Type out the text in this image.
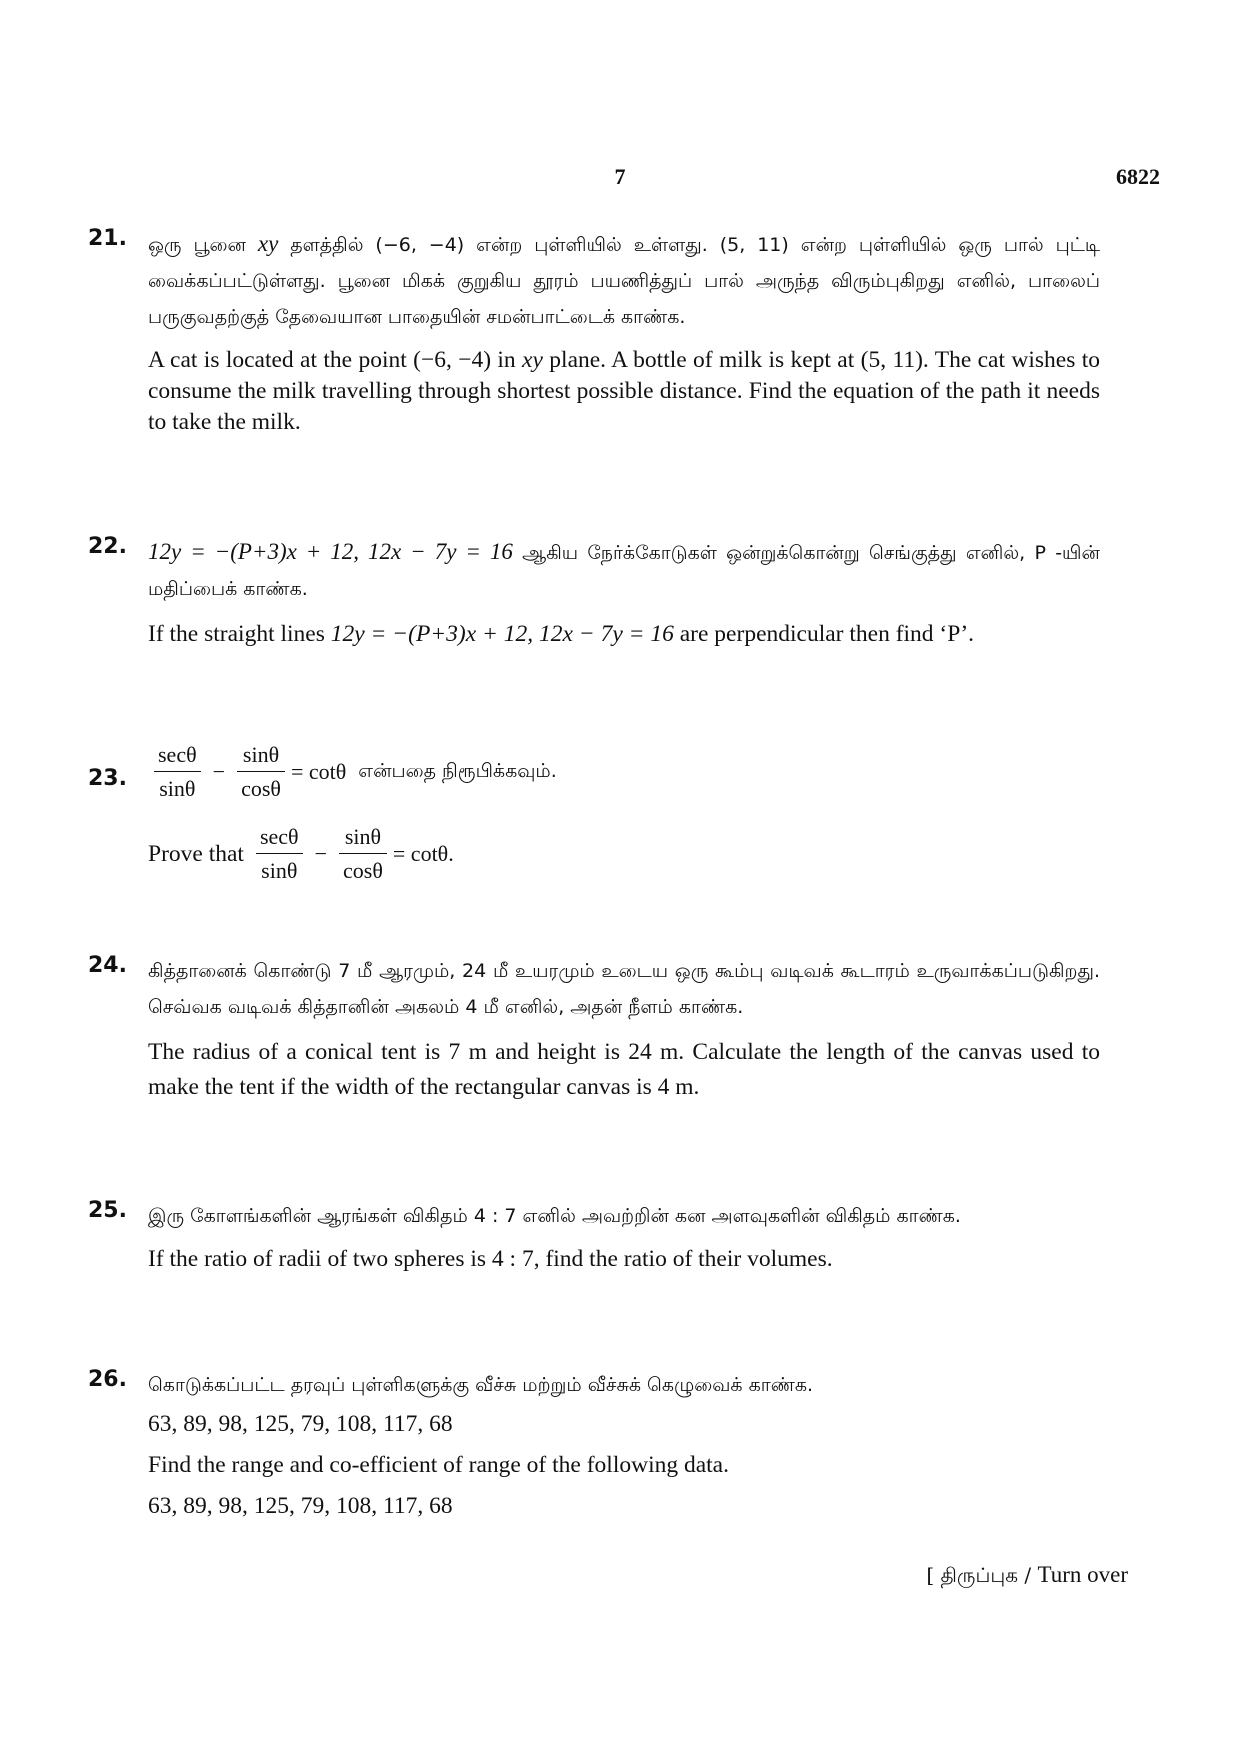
7	6822
21.	ஒரு பூனை xy தளத்தில் (−6, −4) என்ற புள்ளியில் உள்ளது. (5, 11) என்ற புள்ளியில் ஒரு பால் புட்டி வைக்கப்பட்டுள்ளது. பூனை மிகக் குறுகிய தூரம் பயணித்துப் பால் அருந்த விரும்புகிறது எனில், பாலைப் பருகுவதற்குத் தேவையான பாதையின் சமன்பாட்டைக் காண்க.
A cat is located at the point (−6, −4) in xy plane. A bottle of milk is kept at (5, 11). The cat wishes to consume the milk travelling through shortest possible distance. Find the equation of the path it needs to take the milk.
22. 12y = −(P+3)x + 12, 12x − 7y = 16 ஆகிய நேர்க்கோடுகள் ஒன்றுக்கொன்று செங்குத்து எனில், P -யின் மதிப்பைக் காண்க.
If the straight lines 12y = −(P+3)x + 12, 12x − 7y = 16 are perpendicular then find ‘P’.
23.	$\frac{\sec\theta}{\sin\theta} - \frac{\sin\theta}{\cos\theta} = \cot\theta$ என்பதை நிரூபிக்கவும்.
Prove that $\frac{\sec\theta}{\sin\theta} - \frac{\sin\theta}{\cos\theta} = \cot\theta$.
24.	கித்தானைக் கொண்டு 7 மீ ஆரமும், 24 மீ உயரமும் உடைய ஒரு கூம்பு வடிவக் கூடாரம் உருவாக்கப்படுகிறது. செவ்வக வடிவக் கித்தானின் அகலம் 4 மீ எனில், அதன் நீளம் காண்க.
The radius of a conical tent is 7 m and height is 24 m. Calculate the length of the canvas used to make the tent if the width of the rectangular canvas is 4 m.
25.	இரு கோளங்களின் ஆரங்கள் விகிதம் 4 : 7 எனில் அவற்றின் கன அளவுகளின் விகிதம் காண்க.
If the ratio of radii of two spheres is 4 : 7, find the ratio of their volumes.
26.	கொடுக்கப்பட்ட தரவுப் புள்ளிகளுக்கு வீச்சு மற்றும் வீச்சுக் கெழுவைக் காண்க.
63, 89, 98, 125, 79, 108, 117, 68
Find the range and co-efficient of range of the following data.
63, 89, 98, 125, 79, 108, 117, 68
[ திருப்புக / Turn over
